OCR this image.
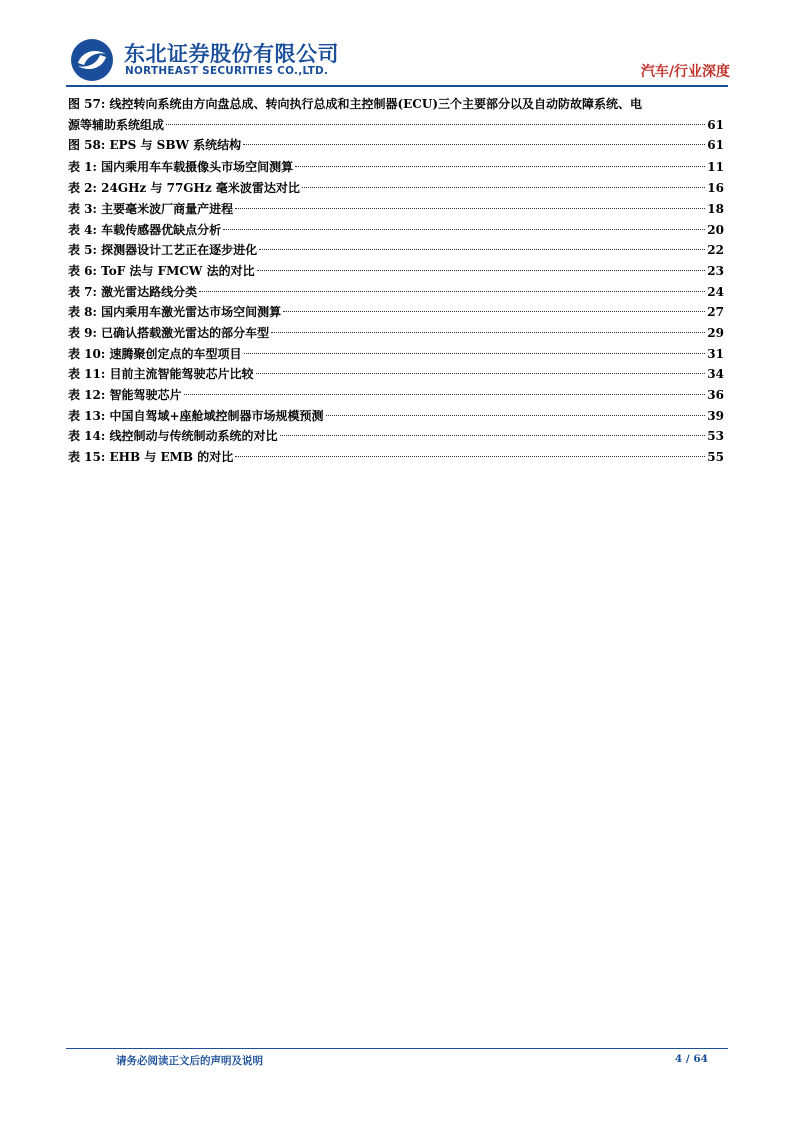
东北证券股份有限公司
NORTHEAST SECURITIES CO.,LTD.	汽车/行业深度
图 57: 线控转向系统由方向盘总成、转向执行总成和主控制器(ECU)三个主要部分以及自动防故障系统、电
源等辅助系统组成	61
图 58: EPS 与 SBW 系统结构	61
表 1: 国内乘用车车载摄像头市场空间测算	11
表 2: 24GHz 与 77GHz 毫米波雷达对比	16
表 3: 主要毫米波厂商量产进程	18
表 4: 车载传感器优缺点分析	20
表 5: 探测器设计工艺正在逐步进化	22
表 6: ToF 法与 FMCW 法的对比	23
表 7: 激光雷达路线分类	24
表 8: 国内乘用车激光雷达市场空间测算	27
表 9: 已确认搭载激光雷达的部分车型	29
表 10: 速腾聚创定点的车型项目	31
表 11: 目前主流智能驾驶芯片比较	34
表 12: 智能驾驶芯片	36
表 13: 中国自驾域+座舱域控制器市场规模预测	39
表 14: 线控制动与传统制动系统的对比	53
表 15: EHB 与 EMB 的对比	55
请务必阅读正文后的声明及说明	4 / 64
